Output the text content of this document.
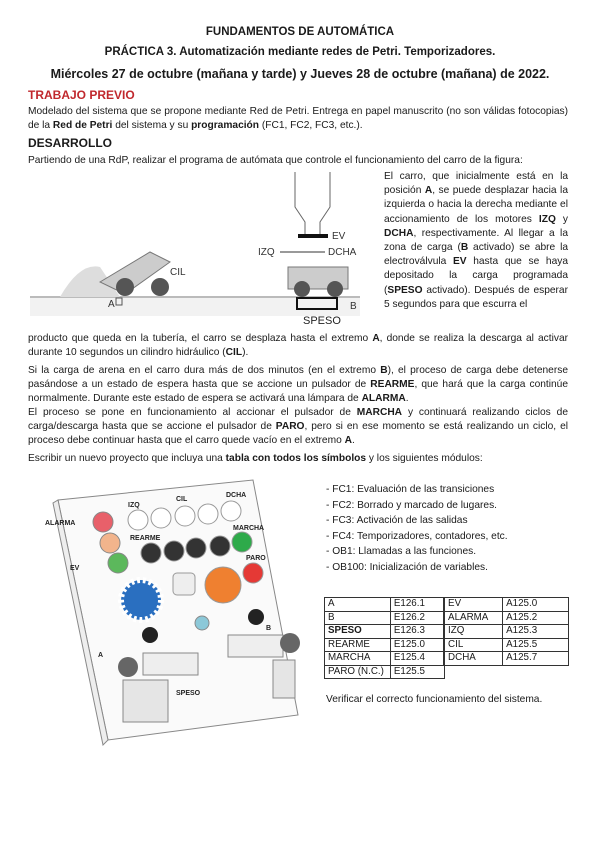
FUNDAMENTOS DE AUTOMÁTICA
PRÁCTICA 3. Automatización mediante redes de Petri. Temporizadores.
Miércoles 27 de octubre (mañana y tarde) y Jueves 28 de octubre (mañana) de 2022.
TRABAJO PREVIO
Modelado del sistema que se propone mediante Red de Petri. Entrega en papel manuscrito (no son válidas fotocopias) de la Red de Petri del sistema y su programación (FC1, FC2, FC3, etc.).
DESARROLLO
Partiendo de una RdP, realizar el programa de autómata que controle el funcionamiento del carro de la figura:
CIL
A
EV
IZQ	DCHA
SPESO
B
El carro, que inicialmente está en la posición A, se puede desplazar hacia la izquierda o hacia la derecha mediante el accionamiento de los motores IZQ y DCHA, respectivamente. Al llegar a la zona de carga (B activado) se abre la electroválvula EV hasta que se haya depositado la carga programada (SPESO activado). Después de esperar 5 segundos para que escurra el
producto que queda en la tubería, el carro se desplaza hasta el extremo A, donde se realiza la descarga al activar durante 10 segundos un cilindro hidráulico (CIL).
Si la carga de arena en el carro dura más de dos minutos (en el extremo B), el proceso de carga debe detenerse pasándose a un estado de espera hasta que se accione un pulsador de REARME, que hará que la carga continúe normalmente. Durante este estado de espera se activará una lámpara de ALARMA.
El proceso se pone en funcionamiento al accionar el pulsador de MARCHA y continuará realizando ciclos de carga/descarga hasta que se accione el pulsador de PARO, pero si en ese momento se está realizando un ciclo, el proceso debe continuar hasta que el carro quede vacío en el extremo A.
Escribir un nuevo proyecto que incluya una tabla con todos los símbolos y los siguientes módulos:
IZQ
CIL
DCHA
ALARMA
MARCHA
REARME
PARO
EV
A
B
SPESO
- FC1: Evaluación de las transiciones
- FC2: Borrado y marcado de lugares.
- FC3: Activación de las salidas
- FC4: Temporizadores, contadores, etc.
- OB1: Llamadas a las funciones.
- OB100: Inicialización de variables.
A	E126.1	EV	A125.0
B	E126.2	ALARMA	A125.2
SPESO	E126.3	IZQ	A125.3
REARME	E125.0	CIL	A125.5
MARCHA	E125.4	DCHA	A125.7
PARO (N.C.)	E125.5		
Verificar el correcto funcionamiento del sistema.
